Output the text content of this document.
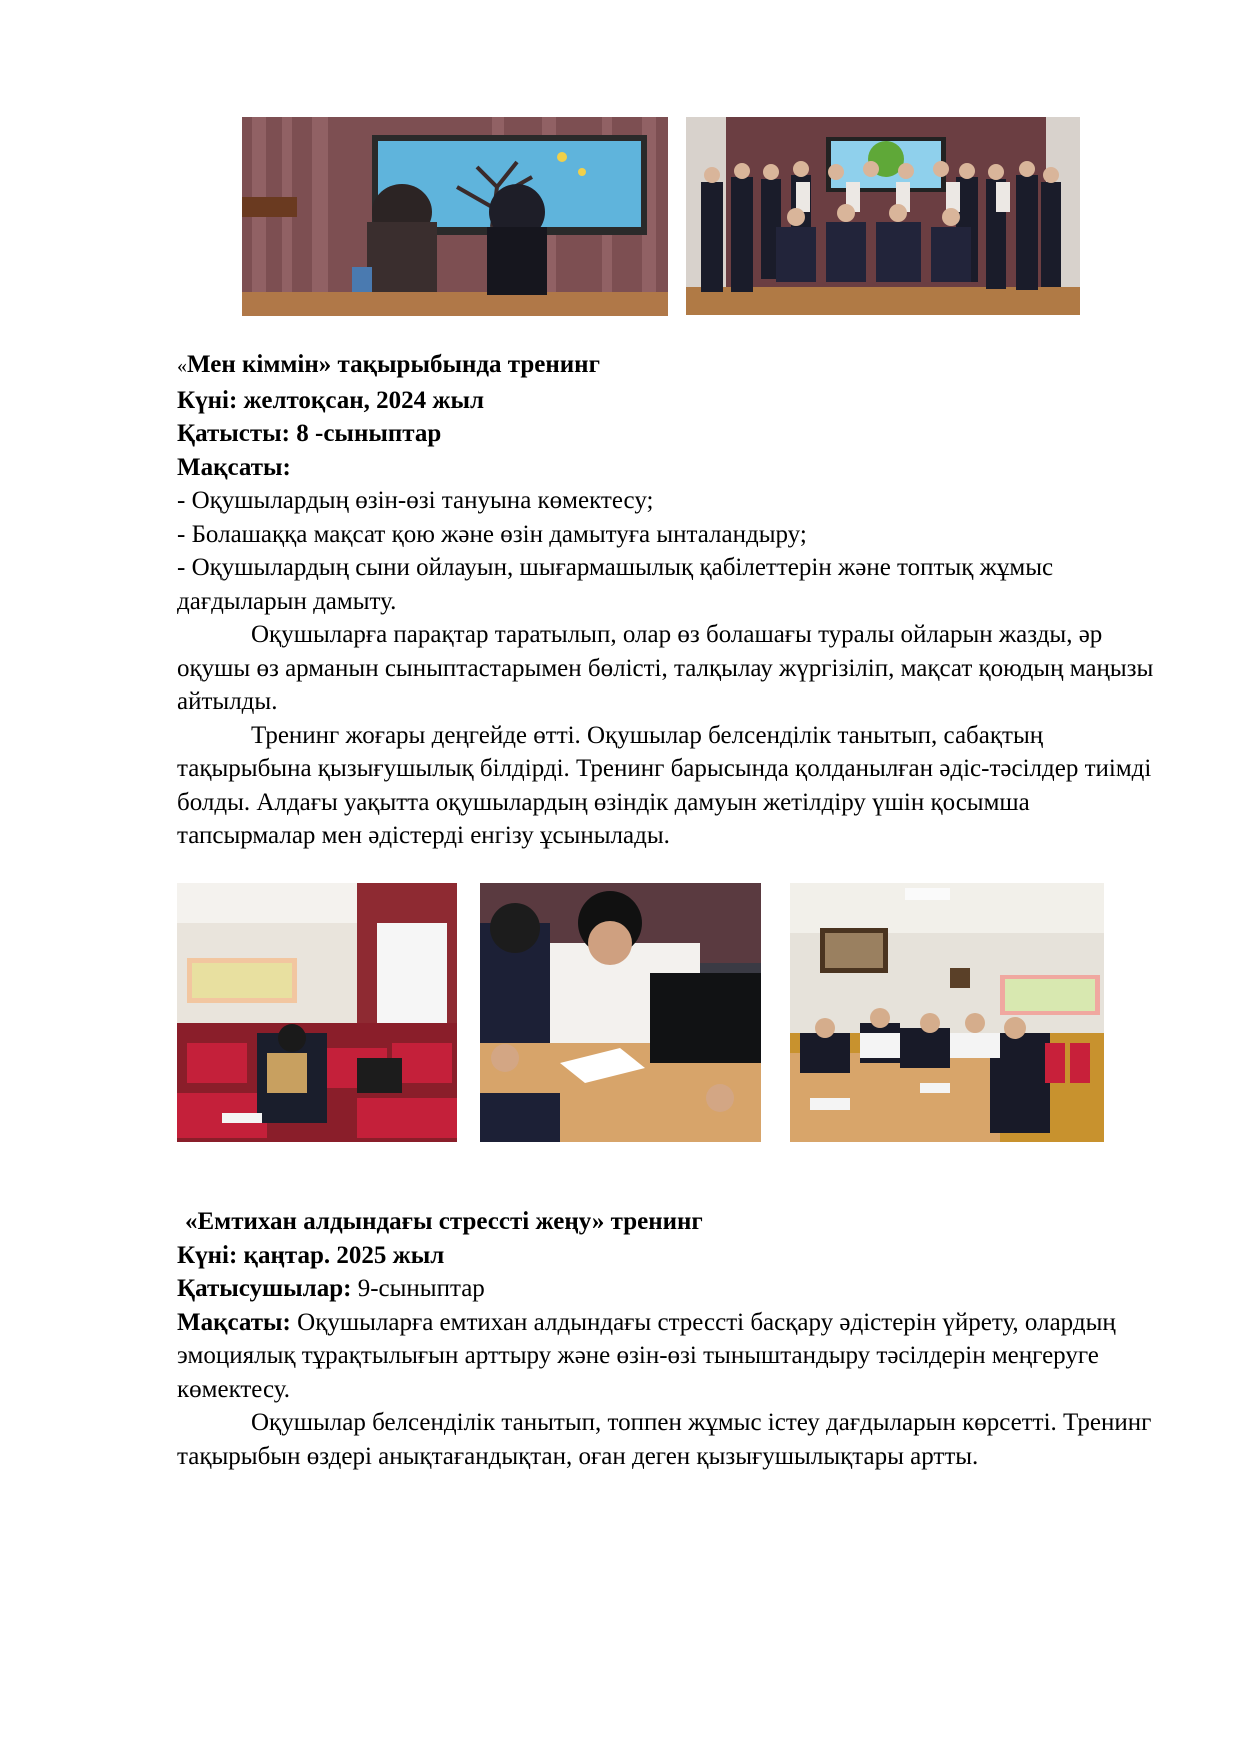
«Мен кіммін» тақырыбында тренинг

Күні: желтоқсан, 2024 жыл

Қатысты: 8 -сыныптар

Мақсаты:

- Оқушылардың өзін-өзі тануына көмектесу;

- Болашаққа мақсат қою және өзін дамытуға ынталандыру;

- Оқушылардың сыни ойлауын, шығармашылық қабілеттерін және топтық жұмыс дағдыларын дамыту.

Оқушыларға парақтар таратылып, олар өз болашағы туралы ойларын жазды, әр оқушы өз арманын сыныптастарымен бөлісті, талқылау жүргізіліп, мақсат қоюдың маңызы айтылды.

Тренинг жоғары деңгейде өтті. Оқушылар белсенділік танытып, сабақтың тақырыбына қызығушылық білдірді. Тренинг барысында қолданылған әдіс-тәсілдер тиімді болды. Алдағы уақытта оқушылардың өзіндік дамуын жетілдіру үшін қосымша тапсырмалар мен әдістерді енгізу ұсынылады.

«Емтихан алдындағы стрессті жеңу» тренинг

Күні: қаңтар. 2025 жыл

Қатысушылар: 9-сыныптар

Мақсаты: Оқушыларға емтихан алдындағы стрессті басқару әдістерін үйрету, олардың эмоциялық тұрақтылығын арттыру және өзін-өзі тыныштандыру тәсілдерін меңгеруге көмектесу.

Оқушылар белсенділік танытып, топпен жұмыс істеу дағдыларын көрсетті. Тренинг тақырыбын өздері анықтағандықтан, оған деген қызығушылықтары артты.
